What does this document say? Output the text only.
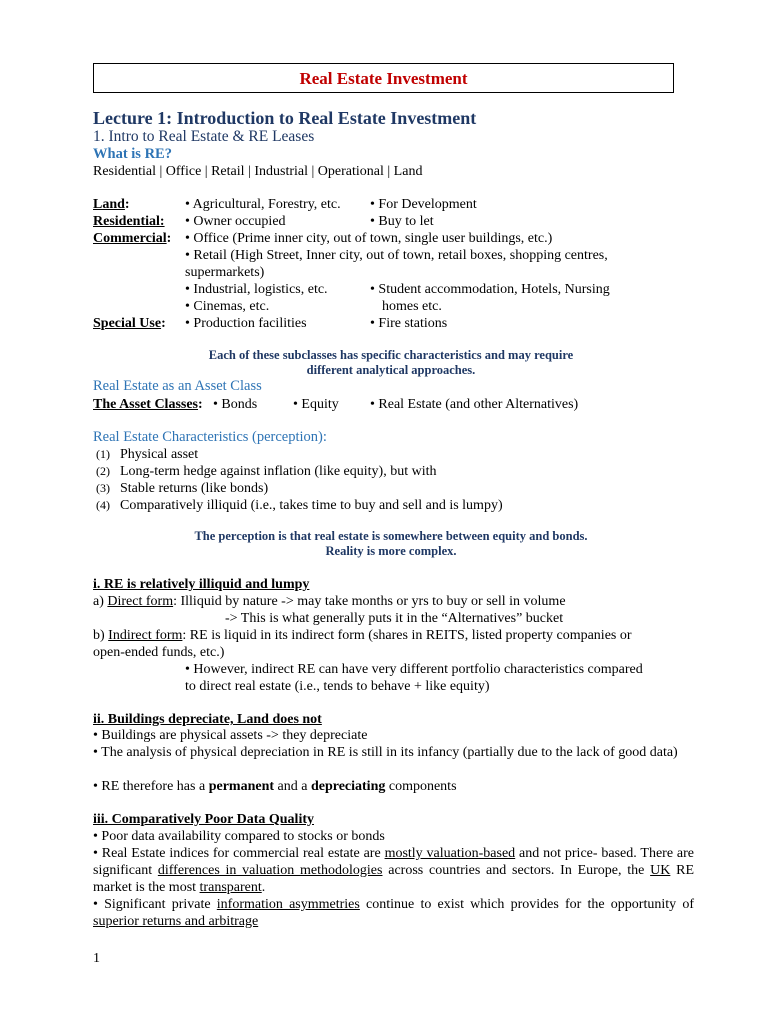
Real Estate Investment
Lecture 1: Introduction to Real Estate Investment
1. Intro to Real Estate & RE Leases
What is RE?
Residential | Office | Retail | Industrial | Operational | Land
Land:	• Agricultural, Forestry, etc. • For Development
Residential: • Owner occupied	• Buy to let
Commercial: • Office (Prime inner city, out of town, single user buildings, etc.)
• Retail (High Street, Inner city, out of town, retail boxes, shopping centres,
supermarkets)
• Industrial, logistics, etc.	• Student accommodation, Hotels, Nursing
• Cinemas, etc.	homes etc.
Special Use: • Production facilities	• Fire stations
Each of these subclasses has specific characteristics and may require
different analytical approaches.
Real Estate as an Asset Class
The Asset Classes: • Bonds	• Equity • Real Estate (and other Alternatives)
Real Estate Characteristics (perception):
(1) Physical asset
(2) Long-term hedge against inflation (like equity), but with
(3) Stable returns (like bonds)
(4) Comparatively illiquid (i.e., takes time to buy and sell and is lumpy)
The perception is that real estate is somewhere between equity and bonds.
Reality is more complex.
i. RE is relatively illiquid and lumpy
a) Direct form: Illiquid by nature -> may take months or yrs to buy or sell in volume
-> This is what generally puts it in the “Alternatives” bucket
b) Indirect form: RE is liquid in its indirect form (shares in REITS, listed property companies or
open-ended funds, etc.)
• However, indirect RE can have very different portfolio characteristics compared
to direct real estate (i.e., tends to behave + like equity)
ii. Buildings depreciate, Land does not
• Buildings are physical assets -> they depreciate
• The analysis of physical depreciation in RE is still in its infancy (partially due to the lack of good data)
• RE therefore has a permanent and a depreciating components
iii. Comparatively Poor Data Quality
• Poor data availability compared to stocks or bonds
• Real Estate indices for commercial real estate are mostly valuation-based and not price- based. There are significant differences in valuation methodologies across countries and sectors. In Europe, the UK RE market is the most transparent.
• Significant private information asymmetries continue to exist which provides for the opportunity of superior returns and arbitrage
1
